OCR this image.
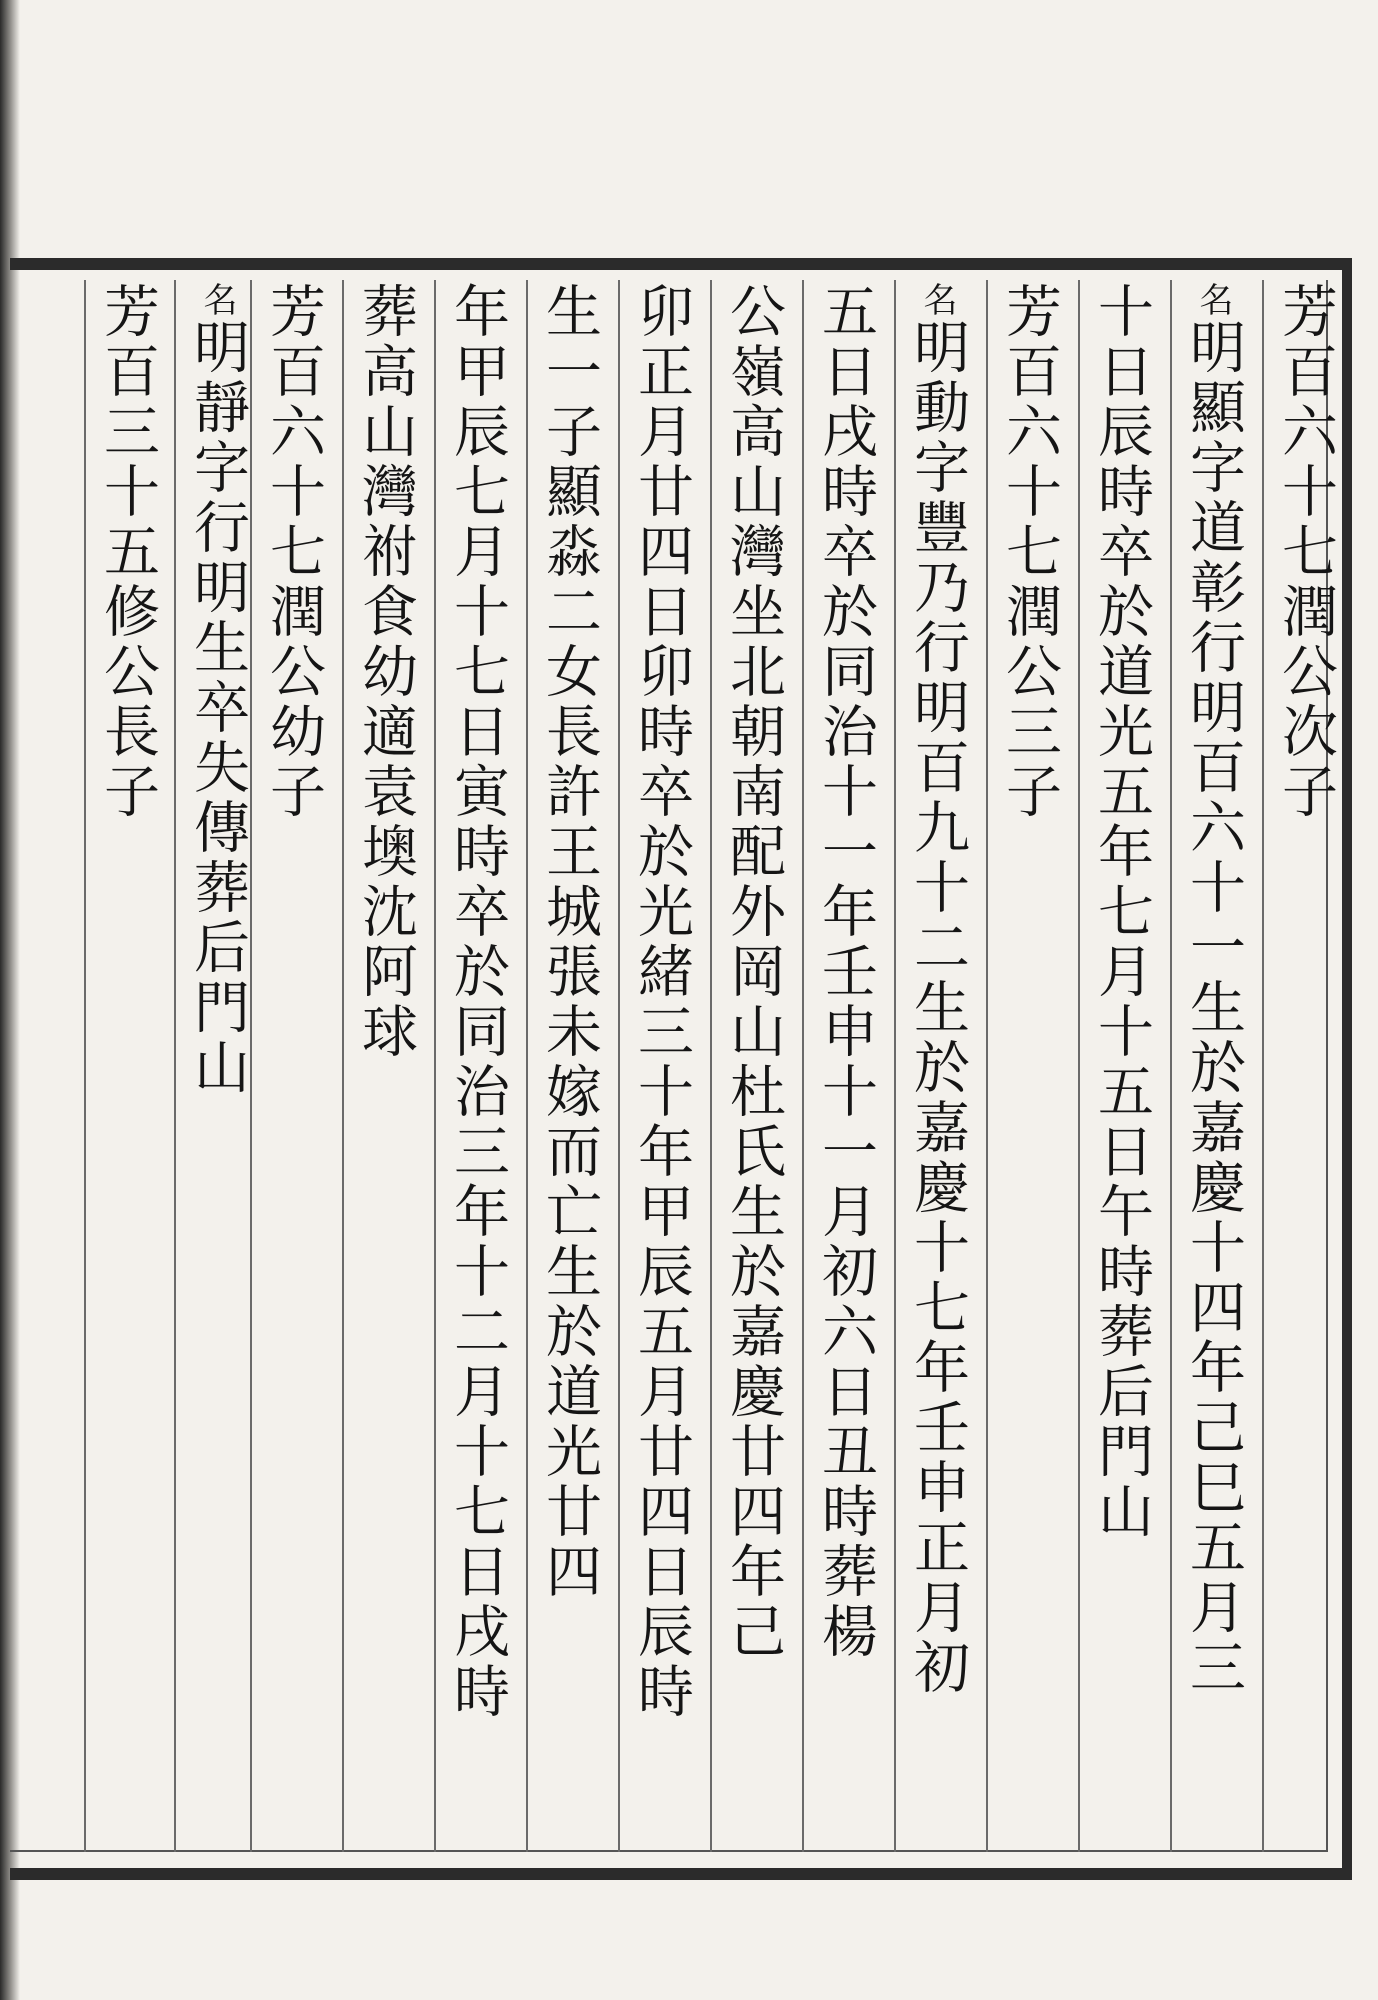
芳百六十七潤公次子
名明顯字道彰行明百六十一生於嘉慶十四年己巳五月三
十日辰時卒於道光五年七月十五日午時葬后門山
芳百六十七潤公三子
名明動字豐乃行明百九十二生於嘉慶十七年壬申正月初
五日戌時卒於同治十一年壬申十一月初六日丑時葬楊
公嶺高山灣坐北朝南配外岡山杜氏生於嘉慶廿四年己
卯正月廿四日卯時卒於光緒三十年甲辰五月廿四日辰時
生一子顯淼二女長許王城張未嫁而亡生於道光廿四
年甲辰七月十七日寅時卒於同治三年十二月十七日戌時
葬高山灣祔食幼適袁墺沈阿球
芳百六十七潤公幼子
名明靜字行明生卒失傳葬后門山
芳百三十五修公長子
